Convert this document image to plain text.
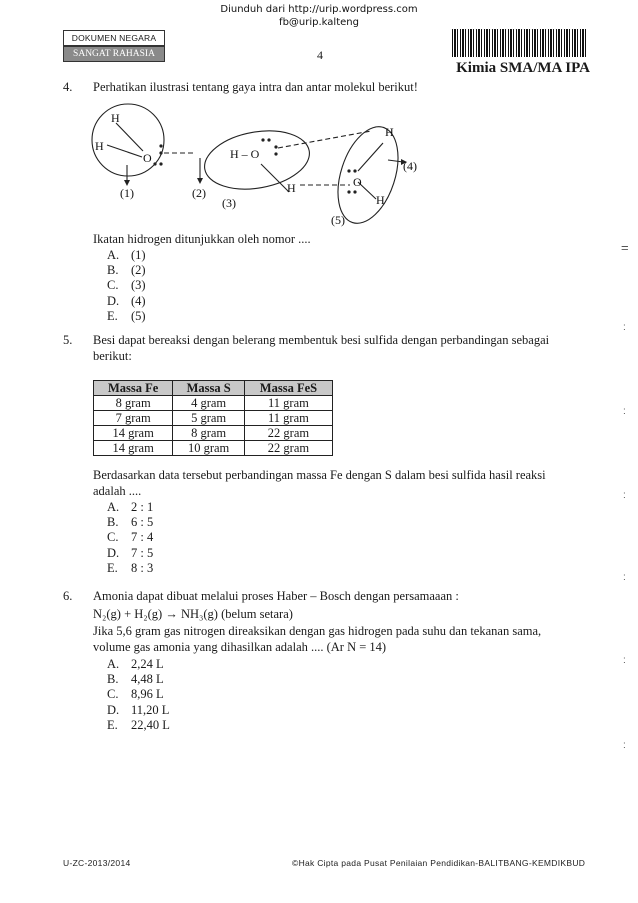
Diunduh dari http://urip.wordpress.com
fb@urip.kalteng
DOKUMEN NEGARA
SANGAT RAHASIA	4
Kimia SMA/MA IPA
4. Perhatikan ilustrasi tentang gaya intra dan antar molekul berikut!
H
H
O	H – O
H
O
H
H
(1)	(2)
(3)
(4)
(5)
Ikatan hidrogen ditunjukkan oleh nomor ....
A. (1)
B. (2)
C. (3)
D. (4)
E. (5)
5. Besi dapat bereaksi dengan belerang membentuk besi sulfida dengan perbandingan sebagai
berikut:
Massa Fe	Massa S	Massa FeS
8 gram	4 gram	11 gram
7 gram	5 gram	11 gram
14 gram	8 gram	22 gram
14 gram	10 gram	22 gram
Berdasarkan data tersebut perbandingan massa Fe dengan S dalam besi sulfida hasil reaksi
adalah ....
A. 2 : 1
B. 6 : 5
C. 7 : 4
D. 7 : 5
E. 8 : 3
6. Amonia dapat dibuat melalui proses Haber – Bosch dengan persamaaan :
N₂(g) + H₂(g) → NH₃(g) (belum setara)
Jika 5,6 gram gas nitrogen direaksikan dengan gas hidrogen pada suhu dan tekanan sama,
volume gas amonia yang dihasilkan adalah .... (Ar N = 14)
A. 2,24 L
B. 4,48 L
C. 8,96 L
D. 11,20 L
E. 22,40 L
=
:
:
:
:
:
:
U-ZC-2013/2014	©Hak Cipta pada Pusat Penilaian Pendidikan-BALITBANG-KEMDIKBUD
